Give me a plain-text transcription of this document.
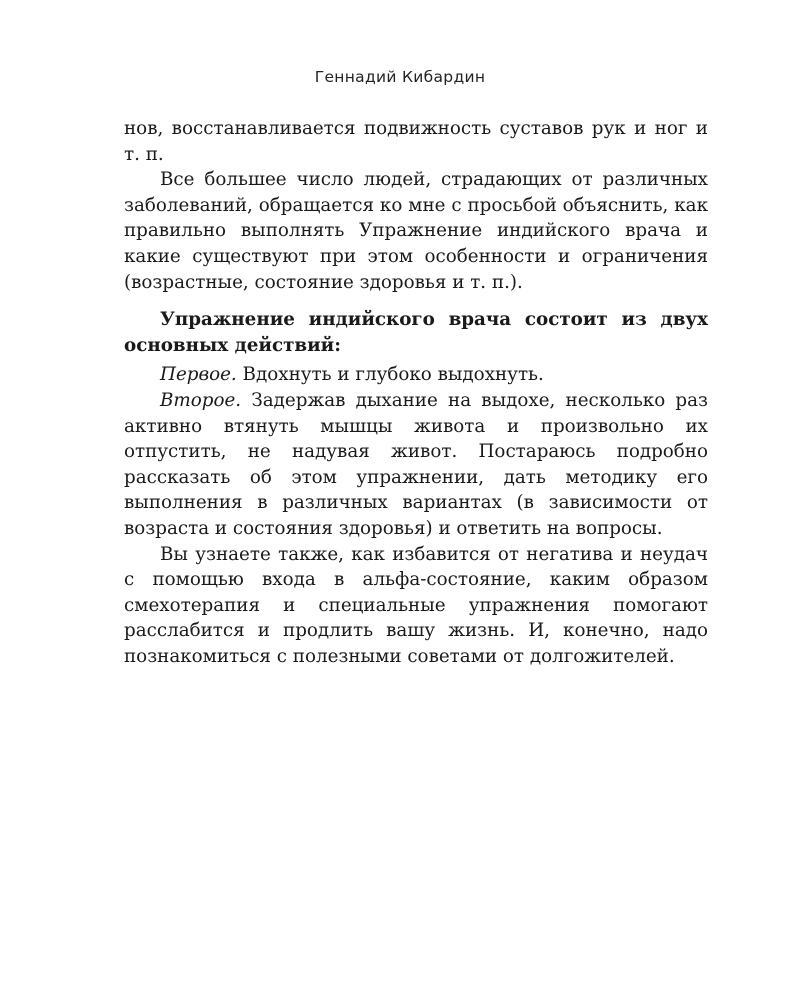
Геннадий Кибардин

нов, восстанавливается подвижность суставов рук и ног и т. п.

Все большее число людей, страдающих от различных заболеваний, обращается ко мне с просьбой объяснить, как правильно выполнять Упражнение индийского врача и какие существуют при этом особенности и ограничения (возрастные, состояние здоровья и т. п.).

Упражнение индийского врача состоит из двух основных действий:

Первое. Вдохнуть и глубоко выдохнуть.

Второе. Задержав дыхание на выдохе, несколько раз активно втянуть мышцы живота и произвольно их отпустить, не надувая живот. Постараюсь подробно рассказать об этом упражнении, дать методику его выполнения в различных вариантах (в зависимости от возраста и состояния здоровья) и ответить на вопросы.

Вы узнаете также, как избавится от негатива и неудач с помощью входа в альфа-состояние, каким образом смехотерапия и специальные упражнения помогают расслабится и продлить вашу жизнь. И, конечно, надо познакомиться с полезными советами от долгожителей.
